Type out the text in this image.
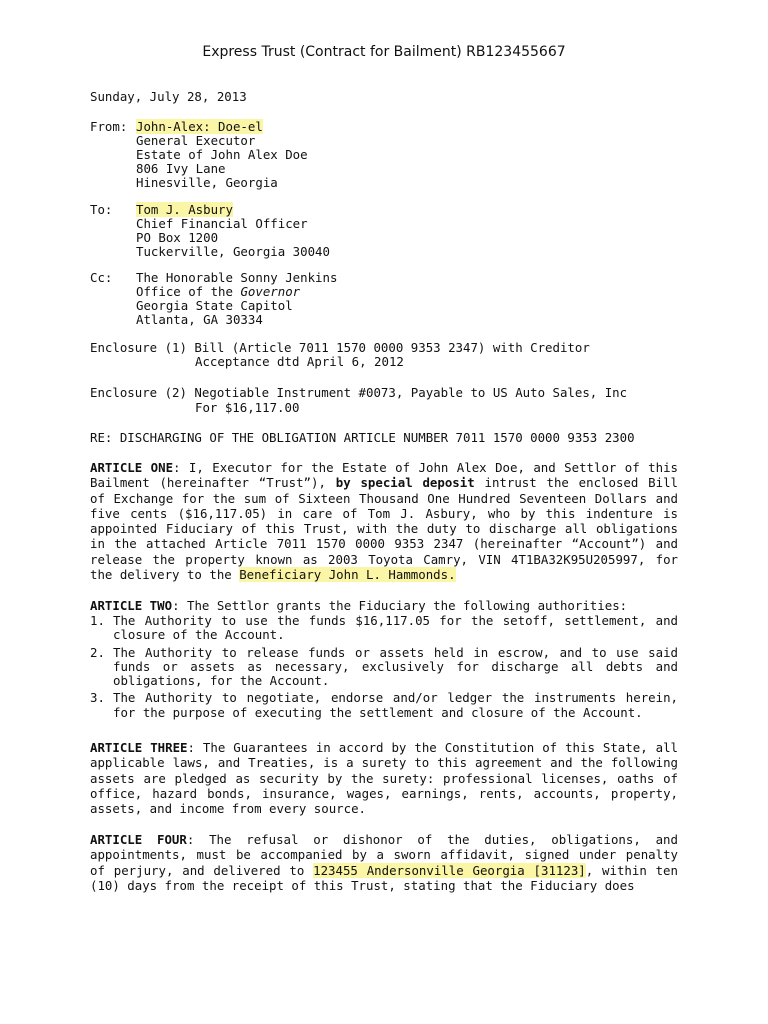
Express Trust (Contract for Bailment) RB123455667
Sunday, July 28, 2013
From: John-Alex: Doe-el
General Executor
Estate of John Alex Doe
806 Ivy Lane
Hinesville, Georgia
To: Tom J. Asbury
Chief Financial Officer
PO Box 1200
Tuckerville, Georgia 30040
Cc: The Honorable Sonny Jenkins
Office of the Governor
Georgia State Capitol
Atlanta, GA 30334
Enclosure (1) Bill (Article 7011 1570 0000 9353 2347) with Creditor
Acceptance dtd April 6, 2012
Enclosure (2) Negotiable Instrument #0073, Payable to US Auto Sales, Inc
For $16,117.00
RE: DISCHARGING OF THE OBLIGATION ARTICLE NUMBER 7011 1570 0000 9353 2300
ARTICLE ONE: I, Executor for the Estate of John Alex Doe, and Settlor of this Bailment (hereinafter “Trust”), by special deposit intrust the enclosed Bill of Exchange for the sum of Sixteen Thousand One Hundred Seventeen Dollars and five cents ($16,117.05) in care of Tom J. Asbury, who by this indenture is appointed Fiduciary of this Trust, with the duty to discharge all obligations in the attached Article 7011 1570 0000 9353 2347 (hereinafter “Account”) and release the property known as 2003 Toyota Camry, VIN 4T1BA32K95U205997, for the delivery to the Beneficiary John L. Hammonds.
ARTICLE TWO: The Settlor grants the Fiduciary the following authorities:
1. The Authority to use the funds $16,117.05 for the setoff, settlement, and closure of the Account.
2. The Authority to release funds or assets held in escrow, and to use said funds or assets as necessary, exclusively for discharge all debts and obligations, for the Account.
3. The Authority to negotiate, endorse and/or ledger the instruments herein, for the purpose of executing the settlement and closure of the Account.
ARTICLE THREE: The Guarantees in accord by the Constitution of this State, all applicable laws, and Treaties, is a surety to this agreement and the following assets are pledged as security by the surety: professional licenses, oaths of office, hazard bonds, insurance, wages, earnings, rents, accounts, property, assets, and income from every source.
ARTICLE FOUR: The refusal or dishonor of the duties, obligations, and appointments, must be accompanied by a sworn affidavit, signed under penalty of perjury, and delivered to 123455 Andersonville Georgia [31123], within ten (10) days from the receipt of this Trust, stating that the Fiduciary does
